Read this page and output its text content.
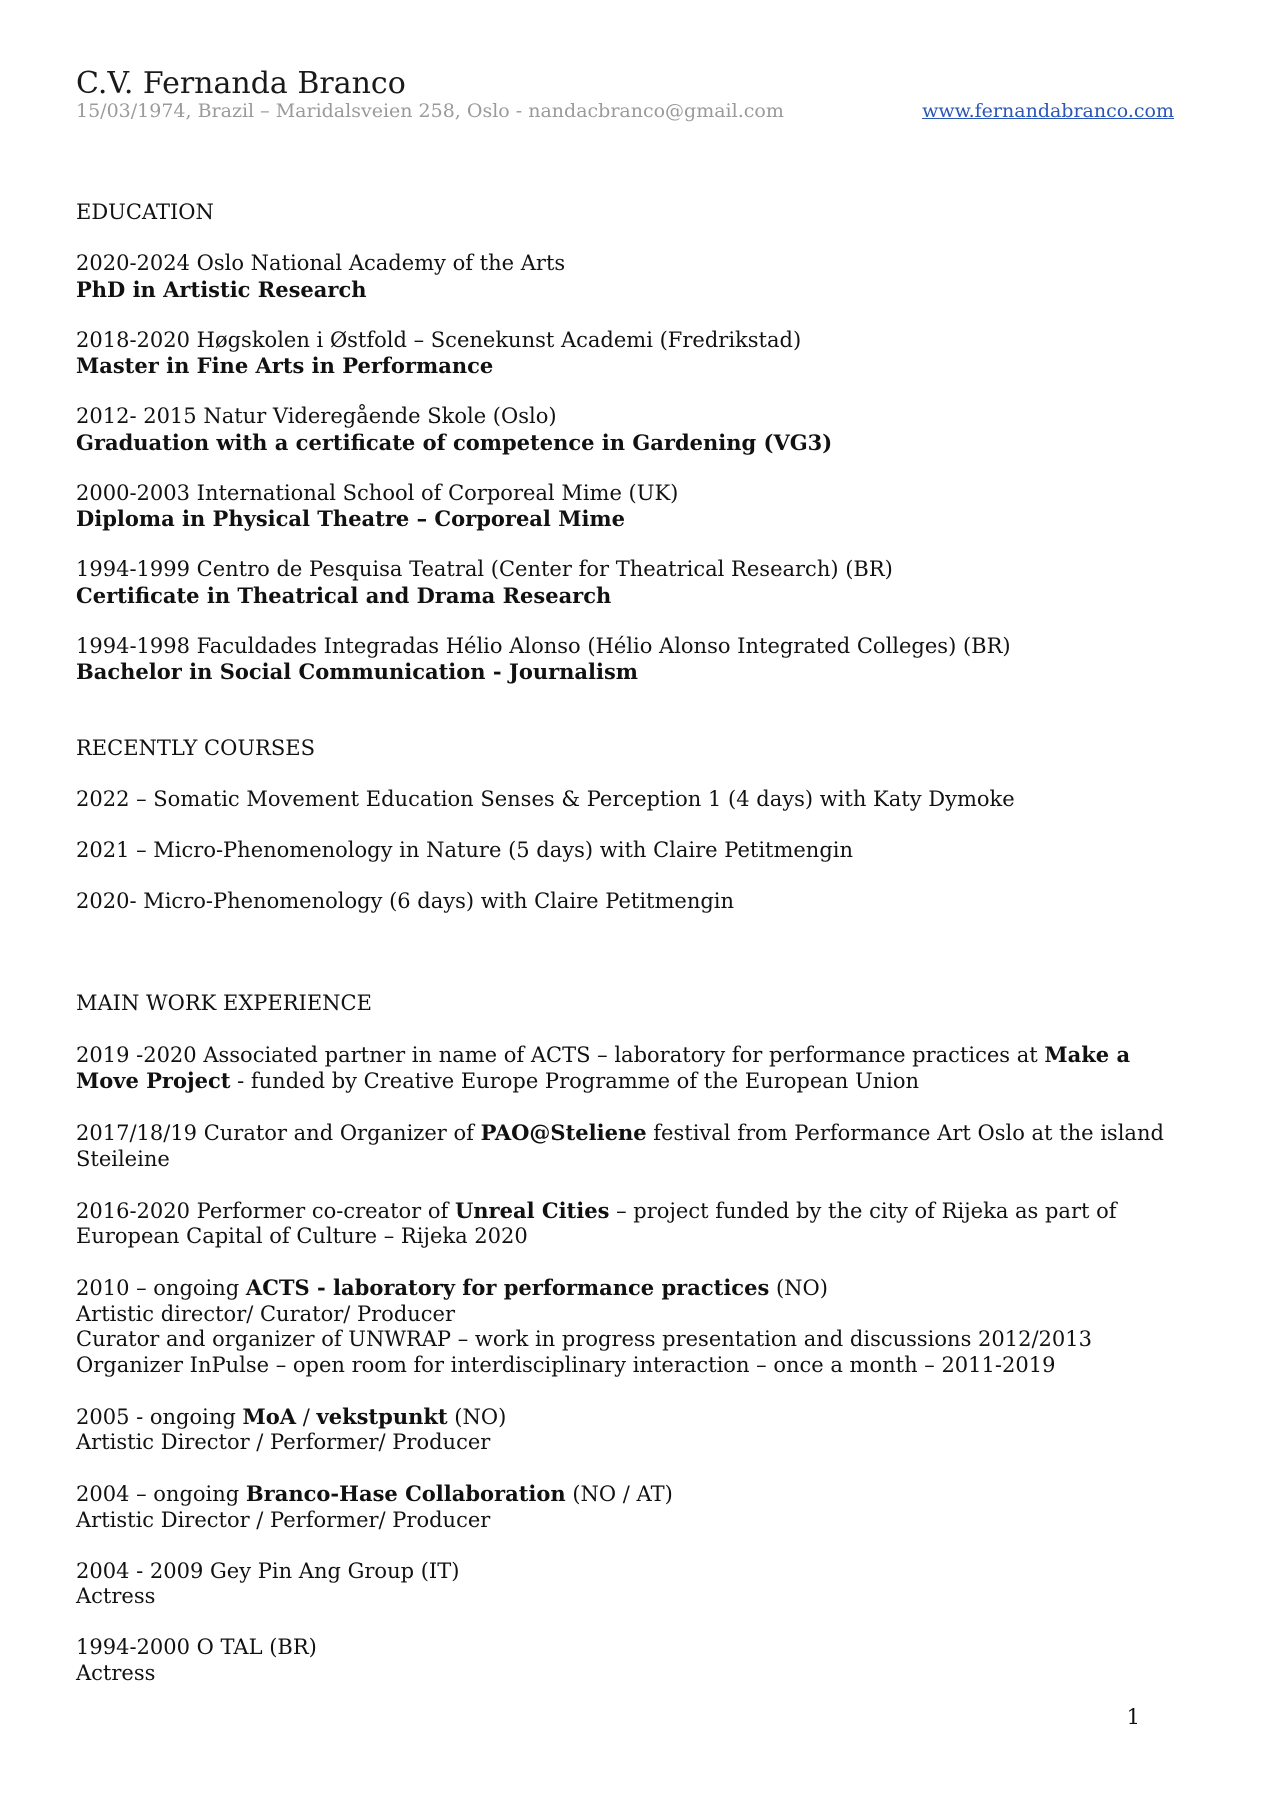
C.V. Fernanda Branco
15/03/1974, Brazil – Maridalsveien 258, Oslo - nandacbranco@gmail.com	www.fernandabranco.com
EDUCATION
2020-2024 Oslo National Academy of the Arts
PhD in Artistic Research
2018-2020 Høgskolen i Østfold – Scenekunst Academi (Fredrikstad)
Master in Fine Arts in Performance
2012- 2015 Natur Videregående Skole (Oslo)
Graduation with a certificate of competence in Gardening (VG3)
2000-2003 International School of Corporeal Mime (UK)
Diploma in Physical Theatre – Corporeal Mime
1994-1999 Centro de Pesquisa Teatral (Center for Theatrical Research) (BR)
Certificate in Theatrical and Drama Research
1994-1998 Faculdades Integradas Hélio Alonso (Hélio Alonso Integrated Colleges) (BR)
Bachelor in Social Communication - Journalism
RECENTLY COURSES
2022 – Somatic Movement Education Senses & Perception 1 (4 days) with Katy Dymoke
2021 – Micro-Phenomenology in Nature (5 days) with Claire Petitmengin
2020- Micro-Phenomenology (6 days) with Claire Petitmengin
MAIN WORK EXPERIENCE
2019 -2020 Associated partner in name of ACTS – laboratory for performance practices at Make a Move Project - funded by Creative Europe Programme of the European Union
2017/18/19 Curator and Organizer of PAO@Steliene festival from Performance Art Oslo at the island Steileine
2016-2020 Performer co-creator of Unreal Cities – project funded by the city of Rijeka as part of European Capital of Culture – Rijeka 2020
2010 – ongoing ACTS - laboratory for performance practices (NO)
Artistic director/ Curator/ Producer
Curator and organizer of UNWRAP – work in progress presentation and discussions 2012/2013
Organizer InPulse – open room for interdisciplinary interaction – once a month – 2011-2019
2005 - ongoing MoA / vekstpunkt (NO)
Artistic Director / Performer/ Producer
2004 – ongoing Branco-Hase Collaboration (NO / AT)
Artistic Director / Performer/ Producer
2004 - 2009 Gey Pin Ang Group (IT)
Actress
1994-2000 O TAL (BR)
Actress
1
